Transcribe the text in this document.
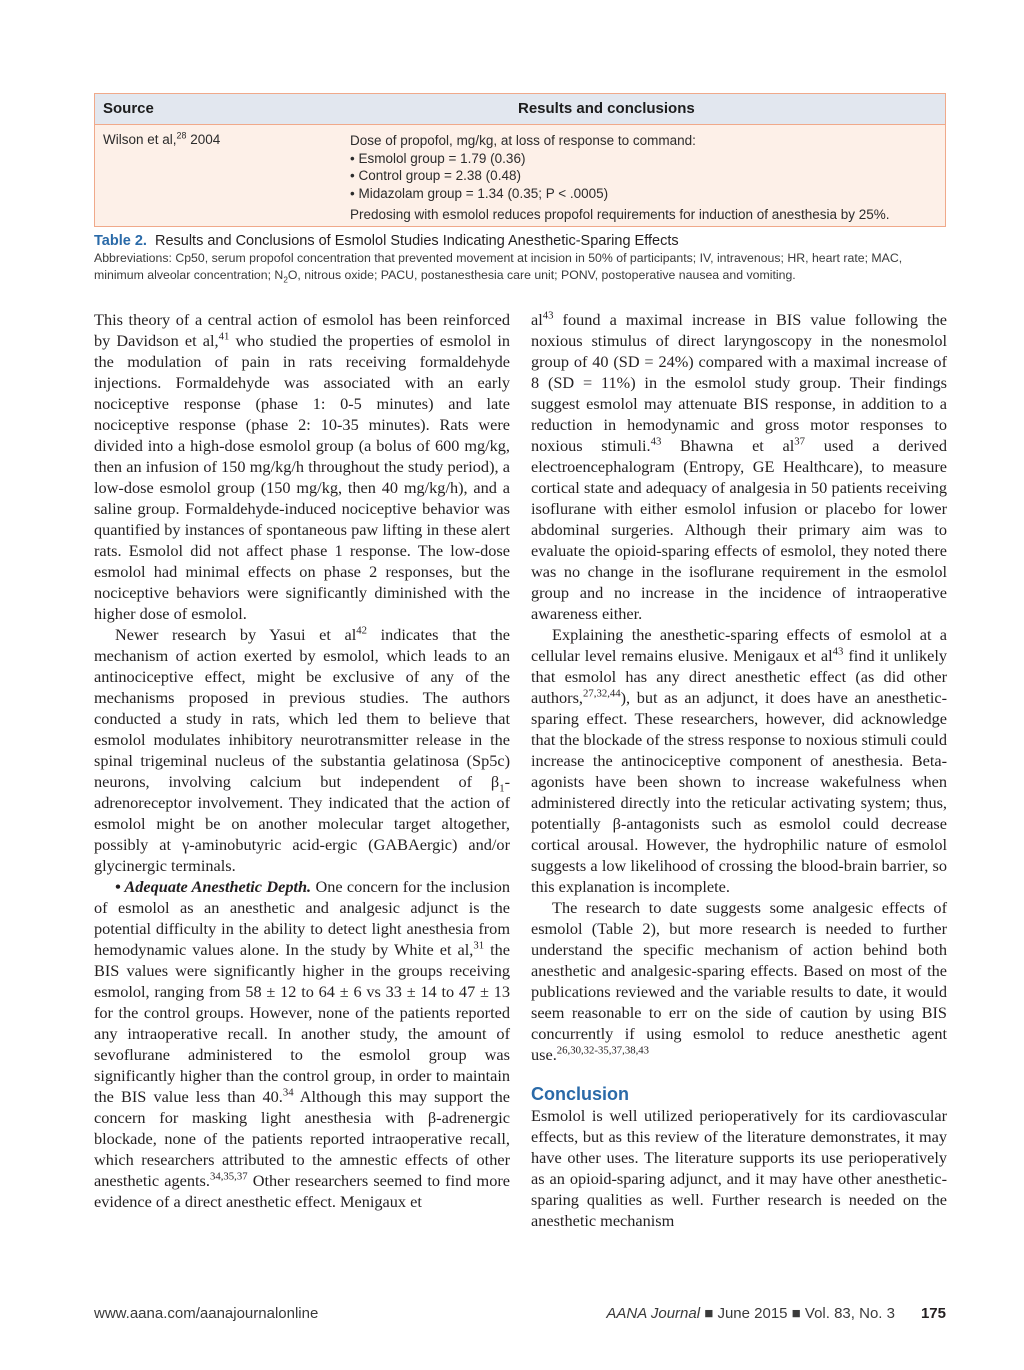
Source	Results and conclusions
Wilson et al,$^{28}$ 2004	Dose of propofol, mg/kg, at loss of response to command:
• Esmolol group = 1.79 (0.36)
• Control group = 2.38 (0.48)
• Midazolam group = 1.34 (0.35; P < .0005)
Predosing with esmolol reduces propofol requirements for induction of anesthesia by 25%.
Table 2. Results and Conclusions of Esmolol Studies Indicating Anesthetic-Sparing Effects
Abbreviations: Cp50, serum propofol concentration that prevented movement at incision in 50% of participants; IV, intravenous; HR, heart rate; MAC, minimum alveolar concentration; $N_2O$, nitrous oxide; PACU, postanesthesia care unit; PONV, postoperative nausea and vomiting.

This theory of a central action of esmolol has been reinforced by Davidson et al,$^{41}$ who studied the properties of esmolol in the modulation of pain in rats receiving formaldehyde injections. Formaldehyde was associated with an early nociceptive response (phase 1: 0-5 minutes) and late nociceptive response (phase 2: 10-35 minutes). Rats were divided into a high-dose esmolol group (a bolus of 600 mg/kg, then an infusion of 150 mg/kg/h throughout the study period), a low-dose esmolol group (150 mg/kg, then 40 mg/kg/h), and a saline group. Formaldehyde-induced nociceptive behavior was quantified by instances of spontaneous paw lifting in these alert rats. Esmolol did not affect phase 1 response. The low-dose esmolol had minimal effects on phase 2 responses, but the nociceptive behaviors were significantly diminished with the higher dose of esmolol.

Newer research by Yasui et $al^{42}$ indicates that the mechanism of action exerted by esmolol, which leads to an antinociceptive effect, might be exclusive of any of the mechanisms proposed in previous studies. The authors conducted a study in rats, which led them to believe that esmolol modulates inhibitory neurotransmitter release in the spinal trigeminal nucleus of the substantia gelatinosa (Sp5c) neurons, involving calcium but independent of $\beta_1$-adrenoreceptor involvement. They indicated that the action of esmolol might be on another molecular target altogether, possibly at γ-aminobutyric acid-ergic (GABAergic) and/or glycinergic terminals.

• Adequate Anesthetic Depth. One concern for the inclusion of esmolol as an anesthetic and analgesic adjunct is the potential difficulty in the ability to detect light anesthesia from hemodynamic values alone. In the study by White et al,$^{31}$ the BIS values were significantly higher in the groups receiving esmolol, ranging from 58 ± 12 to 64 ± 6 vs 33 ± 14 to 47 ± 13 for the control groups. However, none of the patients reported any intraoperative recall. In another study, the amount of sevoflurane administered to the esmolol group was significantly higher than the control group, in order to maintain the BIS value less than 40.34 Although this may support the concern for masking light anesthesia with β-adrenergic blockade, none of the patients reported intraoperative recall, which researchers attributed to the amnestic effects of other anesthetic agents.$^{34,35,37}$ Other researchers seemed to find more evidence of a direct anesthetic effect. Menigaux et

$al^{43}$ found a maximal increase in BIS value following the noxious stimulus of direct laryngoscopy in the nonesmolol group of 40 (SD = 24%) compared with a maximal increase of 8 (SD = 11%) in the esmolol study group. Their findings suggest esmolol may attenuate BIS response, in addition to a reduction in hemodynamic and gross motor responses to noxious stimuli.$^{43}$ Bhawna et $al^{37}$ used a derived electroencephalogram (Entropy, GE Healthcare), to measure cortical state and adequacy of analgesia in 50 patients receiving isoflurane with either esmolol infusion or placebo for lower abdominal surgeries. Although their primary aim was to evaluate the opioid-sparing effects of esmolol, they noted there was no change in the isoflurane requirement in the esmolol group and no increase in the incidence of intraoperative awareness either.

Explaining the anesthetic-sparing effects of esmolol at a cellular level remains elusive. Menigaux et $al^{43}$ find it unlikely that esmolol has any direct anesthetic effect (as did other authors,$^{27,32,44}$), but as an adjunct, it does have an anesthetic-sparing effect. These researchers, however, did acknowledge that the blockade of the stress response to noxious stimuli could increase the antinociceptive component of anesthesia. Beta-agonists have been shown to increase wakefulness when administered directly into the reticular activating system; thus, potentially β-antagonists such as esmolol could decrease cortical arousal. However, the hydrophilic nature of esmolol suggests a low likelihood of crossing the blood-brain barrier, so this explanation is incomplete.

The research to date suggests some analgesic effects of esmolol (Table 2), but more research is needed to further understand the specific mechanism of action behind both anesthetic and analgesic-sparing effects. Based on most of the publications reviewed and the variable results to date, it would seem reasonable to err on the side of caution by using BIS concurrently if using esmolol to reduce anesthetic agent use.$^{26,30,32-35,37,38,43}$

Conclusion

Esmolol is well utilized perioperatively for its cardiovascular effects, but as this review of the literature demonstrates, it may have other uses. The literature supports its use perioperatively as an opioid-sparing adjunct, and it may have other anesthetic-sparing qualities as well. Further research is needed on the anesthetic mechanism

www.aana.com/aanajournalonline	AANA Journal ■ June 2015 ■ Vol. 83, No. 3 175
